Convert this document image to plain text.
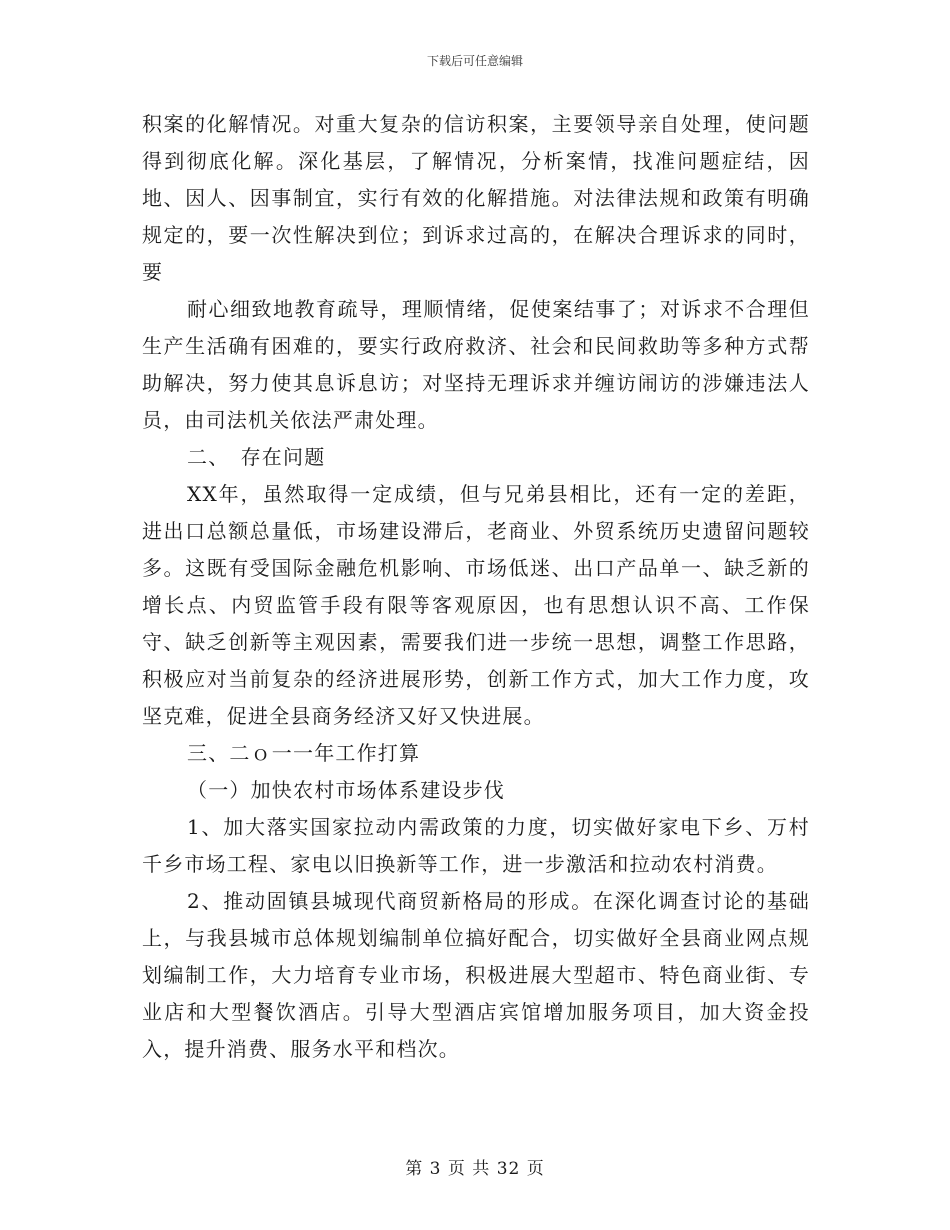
下载后可任意编辑

积案的化解情况。对重大复杂的信访积案，主要领导亲自处理，使问题得到彻底化解。深化基层，了解情况，分析案情，找准问题症结，因地、因人、因事制宜，实行有效的化解措施。对法律法规和政策有明确规定的，要一次性解决到位；到诉求过高的，在解决合理诉求的同时，要

耐心细致地教育疏导，理顺情绪，促使案结事了；对诉求不合理但生产生活确有困难的，要实行政府救济、社会和民间救助等多种方式帮助解决，努力使其息诉息访；对坚持无理诉求并缠访闹访的涉嫌违法人员，由司法机关依法严肃处理。

二、　存在问题

XX年，虽然取得一定成绩，但与兄弟县相比，还有一定的差距，进出口总额总量低，市场建设滞后，老商业、外贸系统历史遗留问题较多。这既有受国际金融危机影响、市场低迷、出口产品单一、缺乏新的增长点、内贸监管手段有限等客观原因，也有思想认识不高、工作保守、缺乏创新等主观因素，需要我们进一步统一思想，调整工作思路，积极应对当前复杂的经济进展形势，创新工作方式，加大工作力度，攻坚克难，促进全县商务经济又好又快进展。

三、二ｏ一一年工作打算

（一）加快农村市场体系建设步伐

1、加大落实国家拉动内需政策的力度，切实做好家电下乡、万村千乡市场工程、家电以旧换新等工作，进一步激活和拉动农村消费。

2、推动固镇县城现代商贸新格局的形成。在深化调查讨论的基础上，与我县城市总体规划编制单位搞好配合，切实做好全县商业网点规划编制工作，大力培育专业市场，积极进展大型超市、特色商业街、专业店和大型餐饮酒店。引导大型酒店宾馆增加服务项目，加大资金投入，提升消费、服务水平和档次。

第 3 页 共 32 页
